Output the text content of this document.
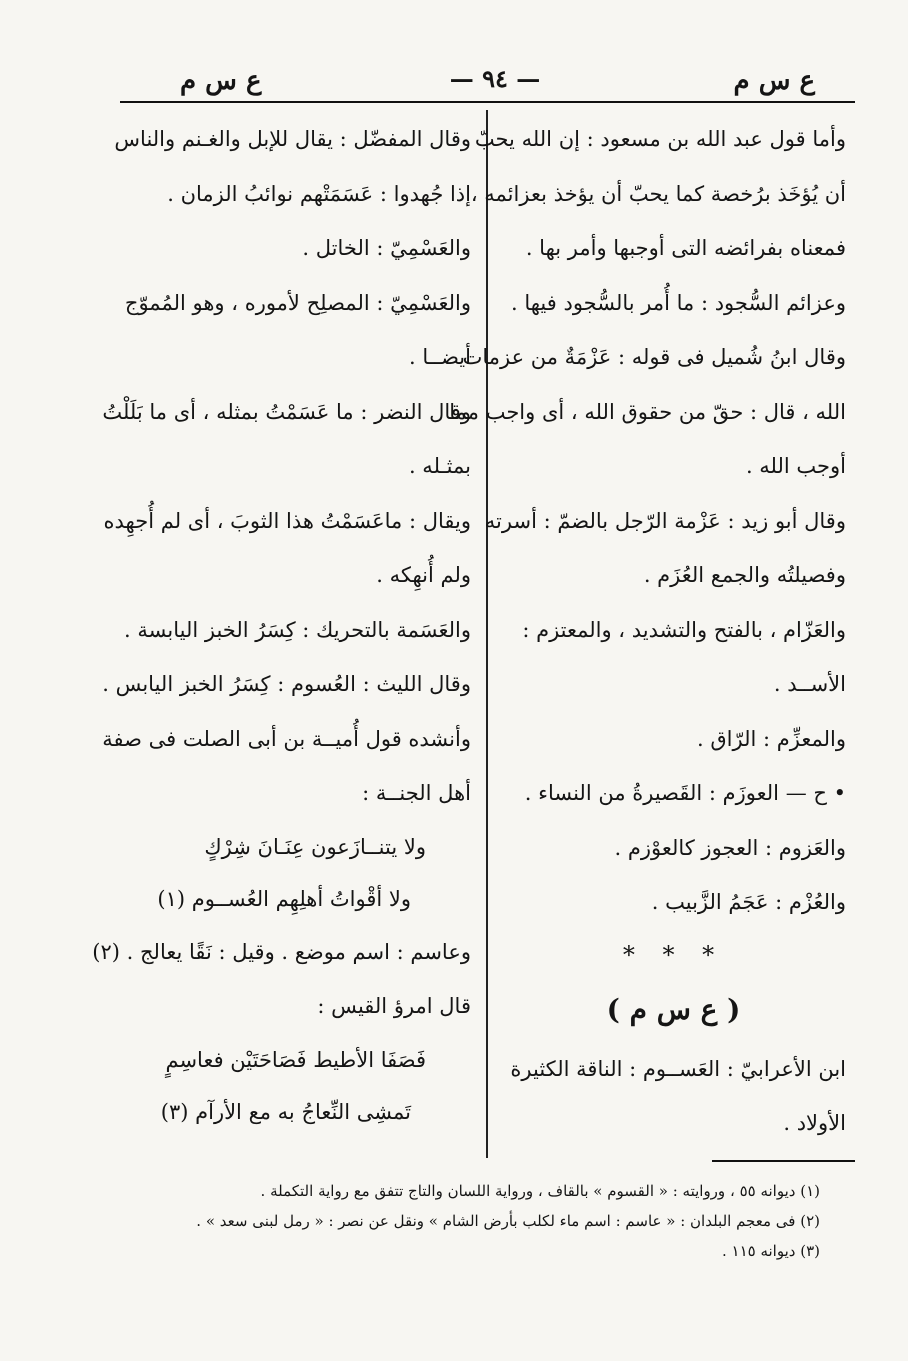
ع س م
— ٩٤ —
ع س م
وأما قول عبد الله بن مسعود : إن الله يحبّ
أن يُؤخَذ برُخصة كما يحبّ أن يؤخذ بعزائمه ،
فمعناه بفرائضه التى أوجبها وأمر بها .
وعزائم السُّجود : ما أُمر بالسُّجود فيها .
وقال ابنُ شُميل فى قوله : عَزْمَةٌ من عزمات
الله ، قال : حقّ من حقوق الله ، أى واجب مما
أوجب الله .
وقال أبو زيد : عَزْمة الرّجل بالضمّ : أسرته
وفصيلتُه والجمع العُزَم .
والعَزّام ، بالفتح والتشديد ، والمعتزم :
الأســد .
والمعزِّم : الرّاق .
• ح — العوزَم : القَصيرةُ من النساء .
والعَزوم : العجوز كالعوْزم .
والعُزْم : عَجَمُ الزَّبيب .
* * *
( ع س م )
ابن الأعرابيّ : العَســوم : الناقة الكثيرة
الأولاد .
وقال المفضّل : يقال للإبل والغـنم والناس
إذا جُهدوا : عَسَمَتْهم نوائبُ الزمان .
والعَسْمِيّ : الخاتل .
والعَسْمِيّ : المصلِح لأموره ، وهو المُموّج
أيضــا .
وقال النضر : ما عَسَمْتُ بمثله ، أى ما بَلَلْتُ
بمثـله .
ويقال : ماعَسَمْتُ هذا الثوبَ ، أى لم أُجهِده
ولم أُنهِكه .
والعَسَمة بالتحريك : كِسَرُ الخبز اليابسة .
وقال الليث : العُسوم : كِسَرُ الخبز اليابس .
وأنشده قول أُميــة بن أبى الصلت فى صفة
أهل الجنــة :
ولا يتنــازَعون عِنَـانَ شِرْكٍ
ولا أقْواتُ أهلِهِم العُســوم (١)
وعاسم : اسم موضع . وقيل : نَقًا يعالج . (٢)
قال امرؤ القيس :
فَصَفَا الأطيط فَصَاحَتَيْن فعاسِمٍ
تَمشِى النِّعاجُ به مع الأرآم (٣)
(١) ديوانه ٥٥ ، وروايته : « القسوم » بالقاف ، ورواية اللسان والتاج تتفق مع رواية التكملة .
(٢) فى معجم البلدان : « عاسم : اسم ماء لكلب بأرض الشام » ونقل عن نصر : « رمل لبنى سعد » .
(٣) ديوانه ١١٥ .
